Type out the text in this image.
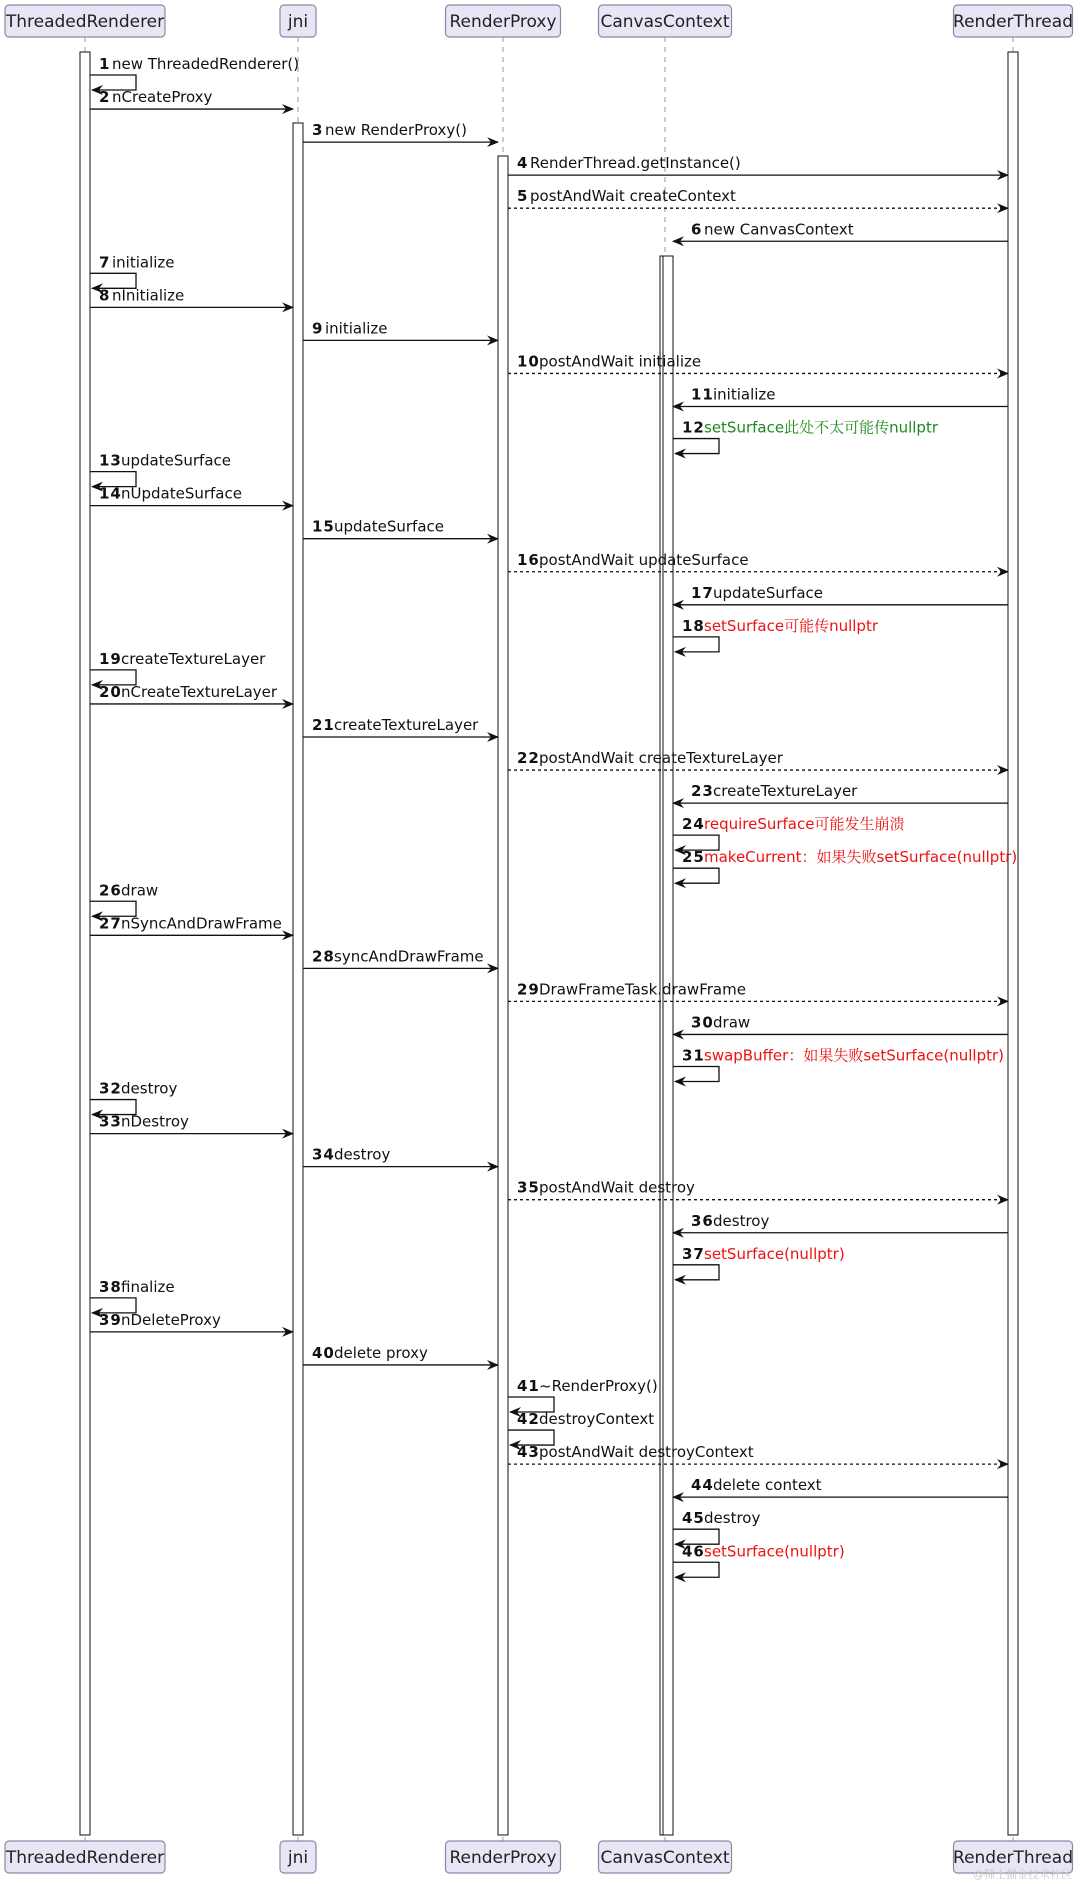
ThreadedRenderer	jni	RenderProxy	CanvasContext	RenderThread
ThreadedRenderer	jni	RenderProxy	CanvasContext	RenderThread
1 new ThreadedRenderer()
2 nCreateProxy
3 new RenderProxy()
4 RenderThread.getInstance()
5 postAndWait createContext
6 new CanvasContext
7 initialize
8 nInitialize
9 initialize
10 postAndWait initialize
11 initialize
12 setSurface此处不太可能传nullptr
13 updateSurface
14 nUpdateSurface
15 updateSurface
16 postAndWait updateSurface
17 updateSurface
18 setSurface可能传nullptr
19 createTextureLayer
20 nCreateTextureLayer
21 createTextureLayer
22 postAndWait createTextureLayer
23 createTextureLayer
24 requireSurface可能发生崩溃
25 makeCurrent：如果失败setSurface(nullptr)
26 draw
27 nSyncAndDrawFrame
28 syncAndDrawFrame
29 DrawFrameTask.drawFrame
30 draw
31 swapBuffer：如果失败setSurface(nullptr)
32 destroy
33 nDestroy
34 destroy
35 postAndWait destroy
36 destroy
37 setSurface(nullptr)
38 finalize
39 nDeleteProxy
40 delete proxy
41 ~RenderProxy()
42 destroyContext
43 postAndWait destroyContext
44 delete context
45 destroy
46 setSurface(nullptr)
@稀土掘金技术社区
